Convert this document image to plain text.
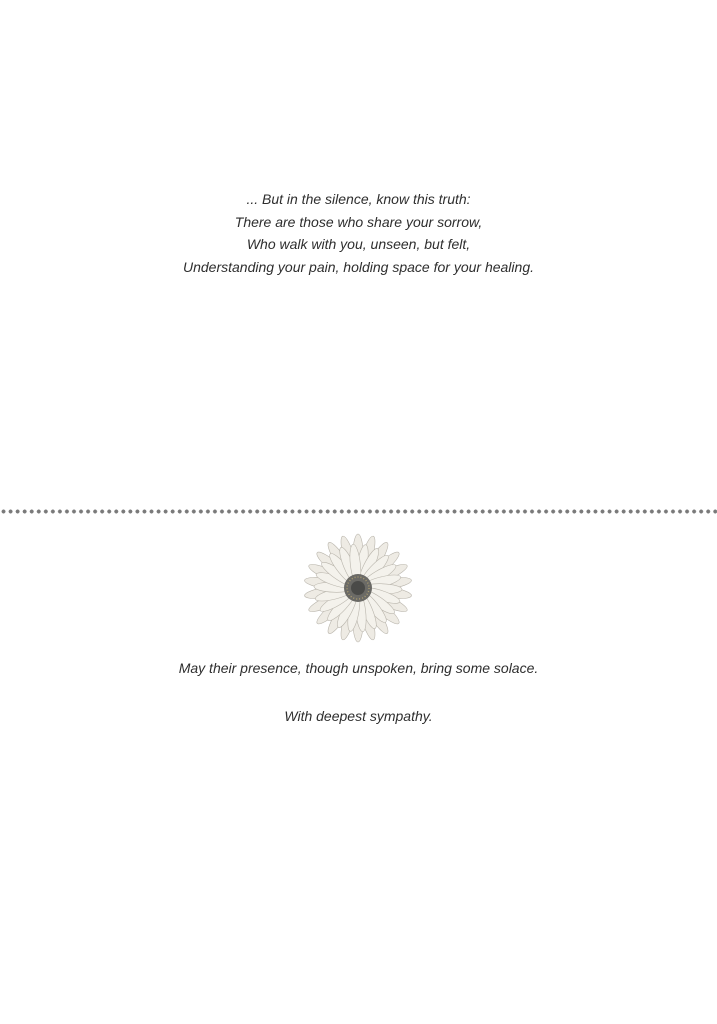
... But in the silence, know this truth:
There are those who share your sorrow,
Who walk with you, unseen, but felt,
Understanding your pain, holding space for your healing.
May their presence, though unspoken, bring some solace.
With deepest sympathy.
